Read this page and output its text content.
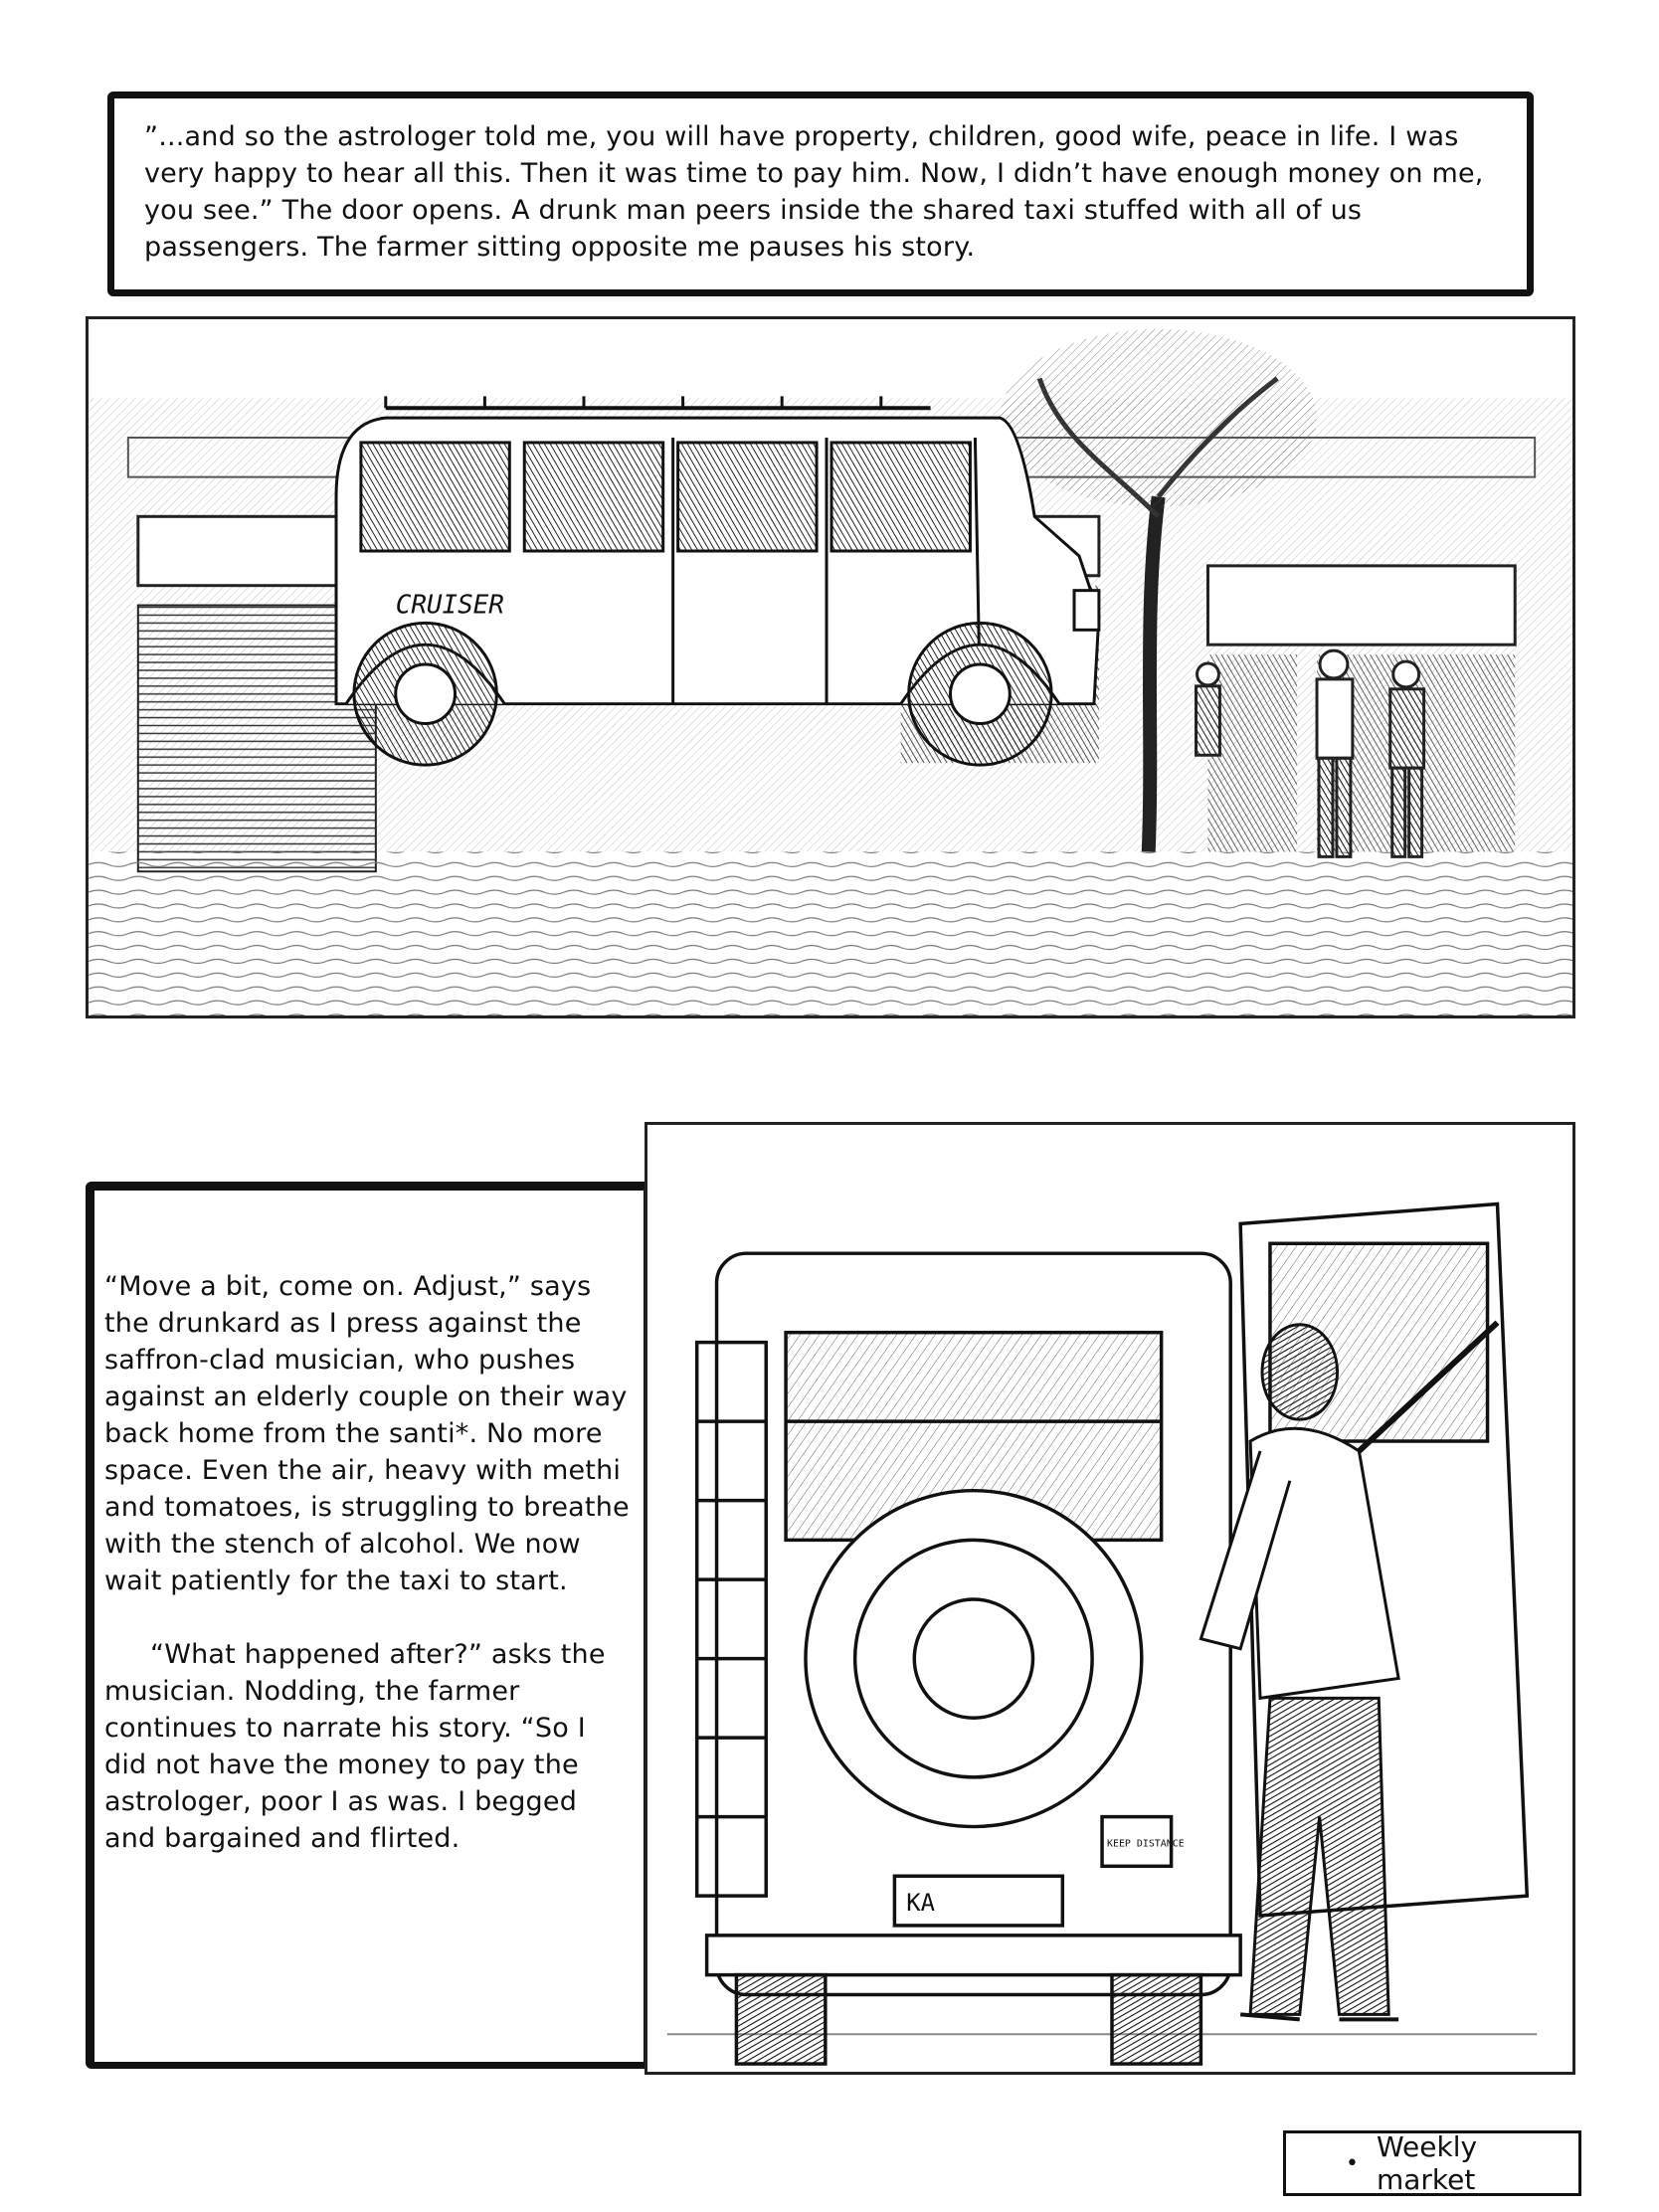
”...and so the astrologer told me, you will have property, children, good wife, peace in life. I was very happy to hear all this. Then it was time to pay him. Now, I didn’t have enough money on me, you see.” The door opens. A drunk man peers inside the shared taxi stuffed with all of us passengers. The farmer sitting opposite me pauses his story.

CRUISER

“Move a bit, come on. Adjust,” says the drunkard as I press against the saffron-clad musician, who pushes against an elderly couple on their way back home from the santi*. No more space. Even the air, heavy with methi and tomatoes, is struggling to breathe with the stench of alcohol. We now wait patiently for the taxi to start.

“What happened after?” asks the musician. Nodding, the farmer continues to narrate his story. “So I did not have the money to pay the astrologer, poor I as was. I begged and bargained and flirted.

KA
KEEP DISTANCE
• Weekly market
